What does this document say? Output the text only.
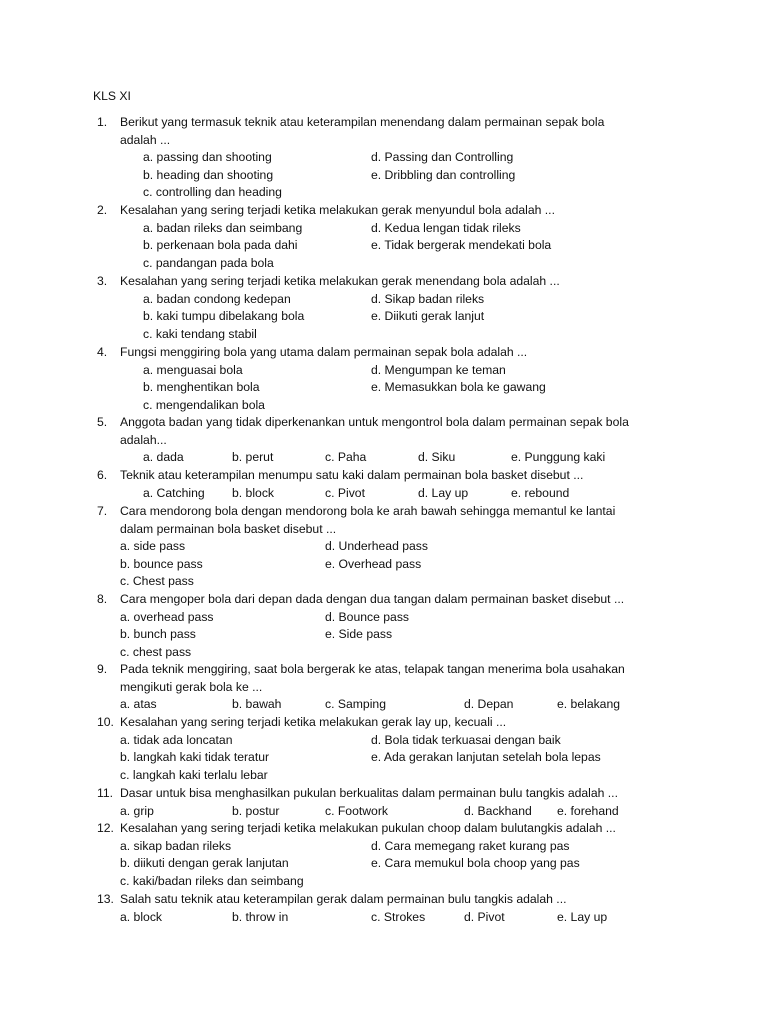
KLS XI
1. Berikut yang termasuk teknik atau keterampilan menendang dalam permainan sepak bola
adalah ...
a. passing dan shooting	d. Passing dan Controlling
b. heading dan shooting	e. Dribbling dan controlling
c. controlling dan heading
2. Kesalahan yang sering terjadi ketika melakukan gerak menyundul bola adalah ...
a. badan rileks dan seimbang	d. Kedua lengan tidak rileks
b. perkenaan bola pada dahi	e. Tidak bergerak mendekati bola
c. pandangan pada bola
3. Kesalahan yang sering terjadi ketika melakukan gerak menendang bola adalah ...
a. badan condong kedepan	d. Sikap badan rileks
b. kaki tumpu dibelakang bola	e. Diikuti gerak lanjut
c. kaki tendang stabil
4. Fungsi menggiring bola yang utama dalam permainan sepak bola adalah ...
a. menguasai bola	d. Mengumpan ke teman
b. menghentikan bola	e. Memasukkan bola ke gawang
c. mengendalikan bola
5. Anggota badan yang tidak diperkenankan untuk mengontrol bola dalam permainan sepak bola
adalah...
a. dada	b. perut	c. Paha	d. Siku	e. Punggung kaki
6. Teknik atau keterampilan menumpu satu kaki dalam permainan bola basket disebut ...
a. Catching b. block	c. Pivot	d. Lay up	e. rebound
7. Cara mendorong bola dengan mendorong bola ke arah bawah sehingga memantul ke lantai
dalam permainan bola basket disebut ...
a. side pass	d. Underhead pass
b. bounce pass	e. Overhead pass
c. Chest pass
8. Cara mengoper bola dari depan dada dengan dua tangan dalam permainan basket disebut ...
a. overhead pass	d. Bounce pass
b. bunch pass	e. Side pass
c. chest pass
9. Pada teknik menggiring, saat bola bergerak ke atas, telapak tangan menerima bola usahakan
mengikuti gerak bola ke ...
a. atas	b. bawah	c. Samping	d. Depan	e. belakang
10. Kesalahan yang sering terjadi ketika melakukan gerak lay up, kecuali ...
a. tidak ada loncatan	d. Bola tidak terkuasai dengan baik
b. langkah kaki tidak teratur	e. Ada gerakan lanjutan setelah bola lepas
c. langkah kaki terlalu lebar
11. Dasar untuk bisa menghasilkan pukulan berkualitas dalam permainan bulu tangkis adalah ...
a. grip	b. postur	c. Footwork	d. Backhand e. forehand
12. Kesalahan yang sering terjadi ketika melakukan pukulan choop dalam bulutangkis adalah ...
a. sikap badan rileks	d. Cara memegang raket kurang pas
b. diikuti dengan gerak lanjutan	e. Cara memukul bola choop yang pas
c. kaki/badan rileks dan seimbang
13. Salah satu teknik atau keterampilan gerak dalam permainan bulu tangkis adalah ...
a. block	b. throw in	c. Strokes	d. Pivot	e. Lay up
